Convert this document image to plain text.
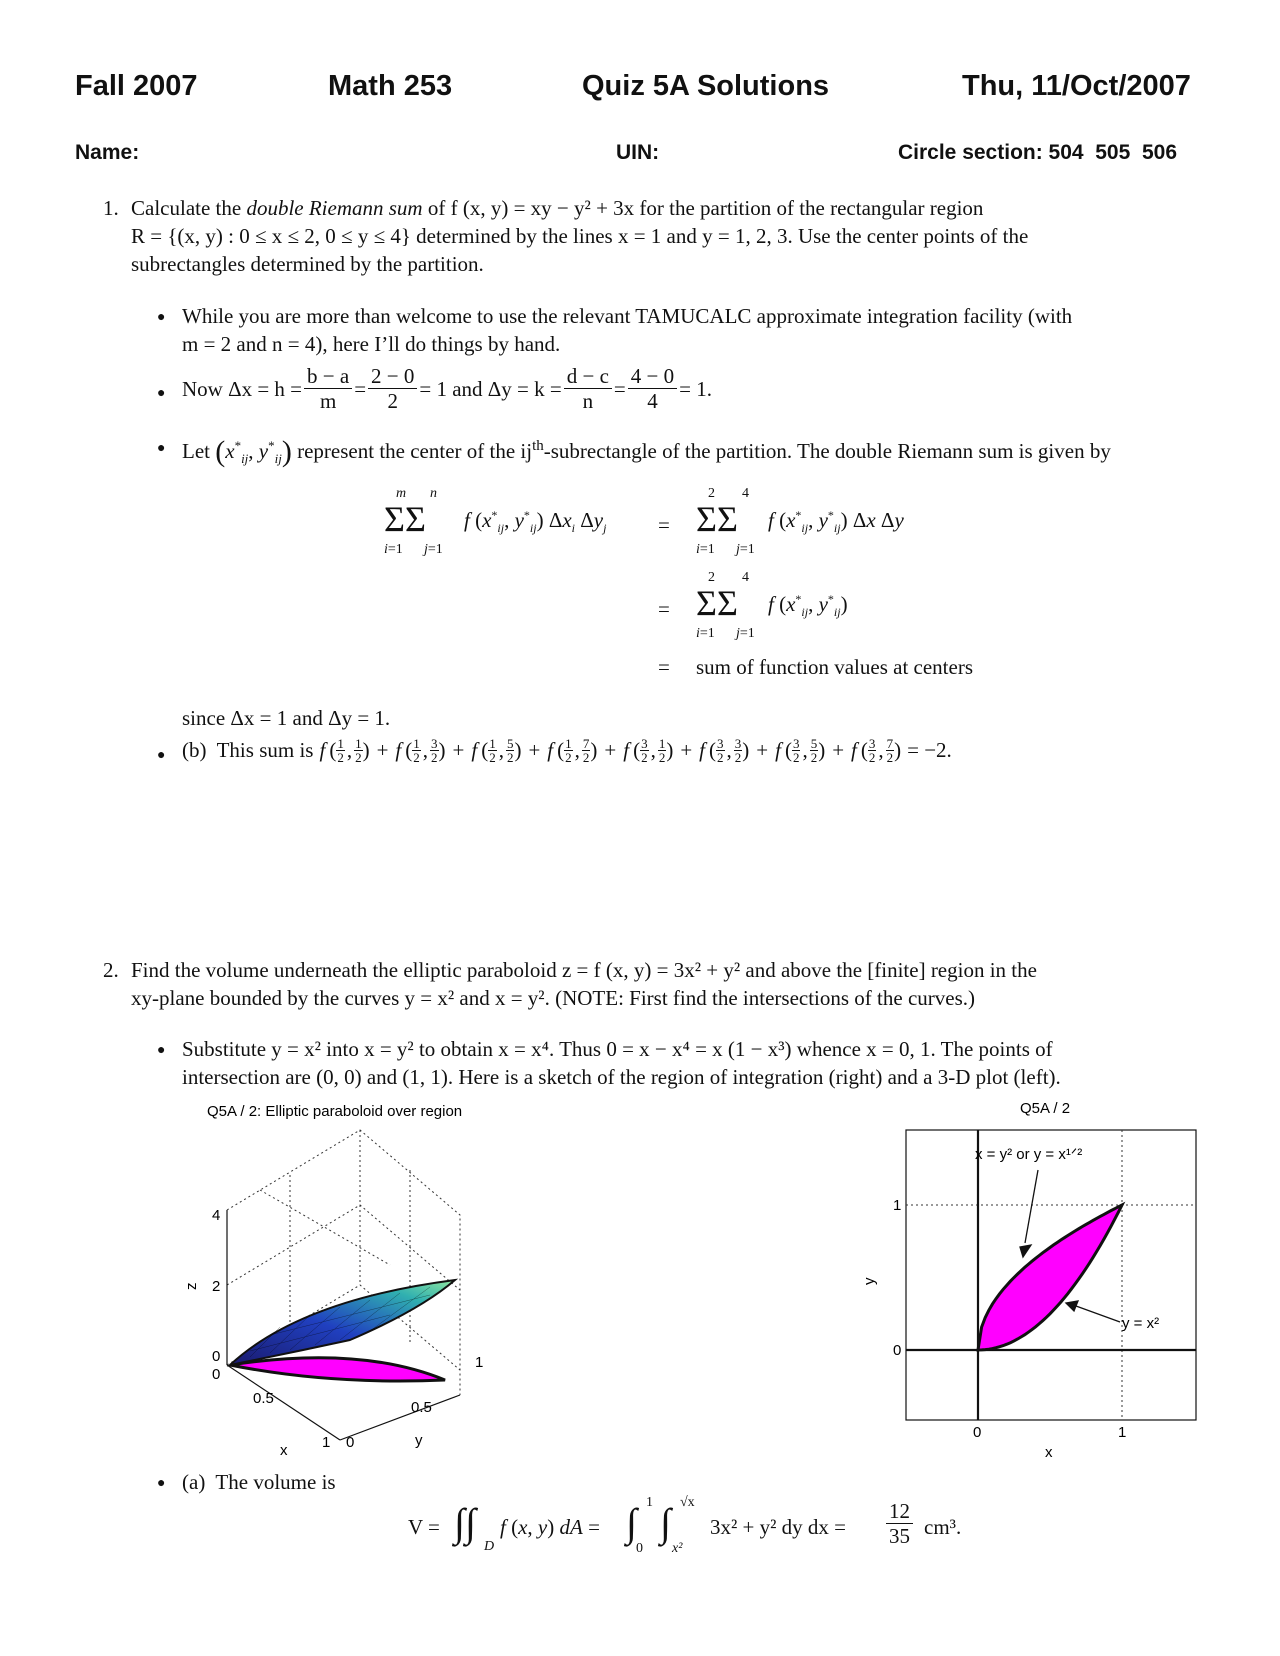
Fall 2007	Math 253	Quiz 5A Solutions	Thu, 11/Oct/2007
Name:	UIN:	Circle section: 504  505  506
1. Calculate the double Riemann sum of f (x, y) = xy − y² + 3x for the partition of the rectangular region
R = {(x, y) : 0 ≤ x ≤ 2, 0 ≤ y ≤ 4} determined by the lines x = 1 and y = 1, 2, 3. Use the center points of the
subrectangles determined by the partition.
● While you are more than welcome to use the relevant TAMUCALC approximate integration facility (with
m = 2 and n = 4), here I’ll do things by hand.
● Now $\Delta x = h = \frac{b - a}{m} = \frac{2 - 0}{2} = 1$ and $\Delta y = k = \frac{d - c}{n} = \frac{4 - 0}{4} = 1$.
● Let ($x^*_{ij}$, $y^*_{ij}$) represent the center of the $ij^{th}$-subrectangle of the partition. The double Riemann sum is given by
m n
ΣΣ
i=1 j=1
f ($x^*_{ij}$, $y^*_{ij}$) $\Delta x_i$ $\Delta y_j$ =
2 4
ΣΣ
i=1 j=1
f ($x^*_{ij}$, $y^*_{ij}$) Δx Δy
=
2 4
ΣΣ
i=1 j=1
f ($x^*_{ij}$, $y^*_{ij}$)
= sum of function values at centers
since Δx = 1 and Δy = 1.
● (b)  This sum is f ( 1
2 , 1
2 ) + f ( 1
2 , 3
2 ) + f ( 1
2 , 5
2 ) + f ( 1
2 , 7
2 ) + f ( 3
2 , 1
2 ) + f ( 3
2 , 3
2 ) + f ( 3
2 , 5
2 ) + f ( 3
2 , 7
2 ) = −2.
2. Find the volume underneath the elliptic paraboloid z = f (x, y) = 3x² + y² and above the [finite] region in the
xy-plane bounded by the curves y = x² and x = y². (NOTE: First find the intersections of the curves.)
● Substitute y = x² into x = y² to obtain x = x⁴. Thus 0 = x − x⁴ = x (1 − x³) whence x = 0, 1. The points of
intersection are (0, 0) and (1, 1). Here is a sketch of the region of integration (right) and a 3-D plot (left).
Q5A / 2: Elliptic paraboloid over region
4
2
0
0
z
0.5
1
x	0
0.5
1
y
Q5A / 2
x = y² or y = x¹ᐟ²
y = x²
1
0
0	1
x
y
● (a)  The volume is
V = ∫∫
D
f (x, y) dA = ∫ 1
0
∫ √x
x²
3x² + y² dy dx = $\frac{12}{35} cm^3$.
